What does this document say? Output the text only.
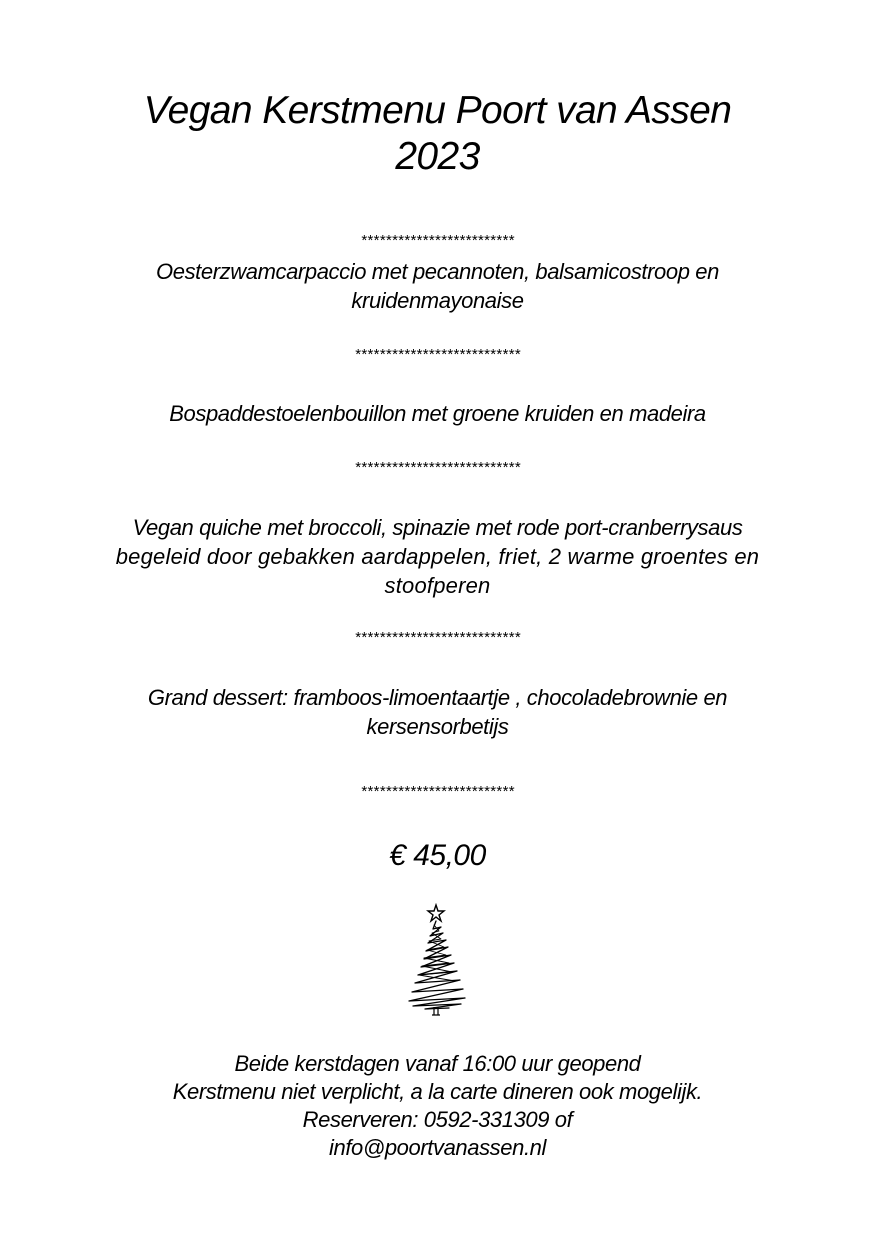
Vegan Kerstmenu Poort van Assen
2023
*************************
Oesterzwamcarpaccio met pecannoten, balsamicostroop en
kruidenmayonaise
***************************
Bospaddestoelenbouillon met groene kruiden en madeira
***************************
Vegan quiche met broccoli, spinazie met rode port-cranberrysaus
begeleid door gebakken aardappelen, friet, 2 warme groentes en
stoofperen
***************************
Grand dessert: framboos-limoentaartje , chocoladebrownie en
kersensorbetijs
*************************
€ 45,00
Beide kerstdagen vanaf 16:00 uur geopend
Kerstmenu niet verplicht, a la carte dineren ook mogelijk.
Reserveren: 0592-331309 of
info@poortvanassen.nl
